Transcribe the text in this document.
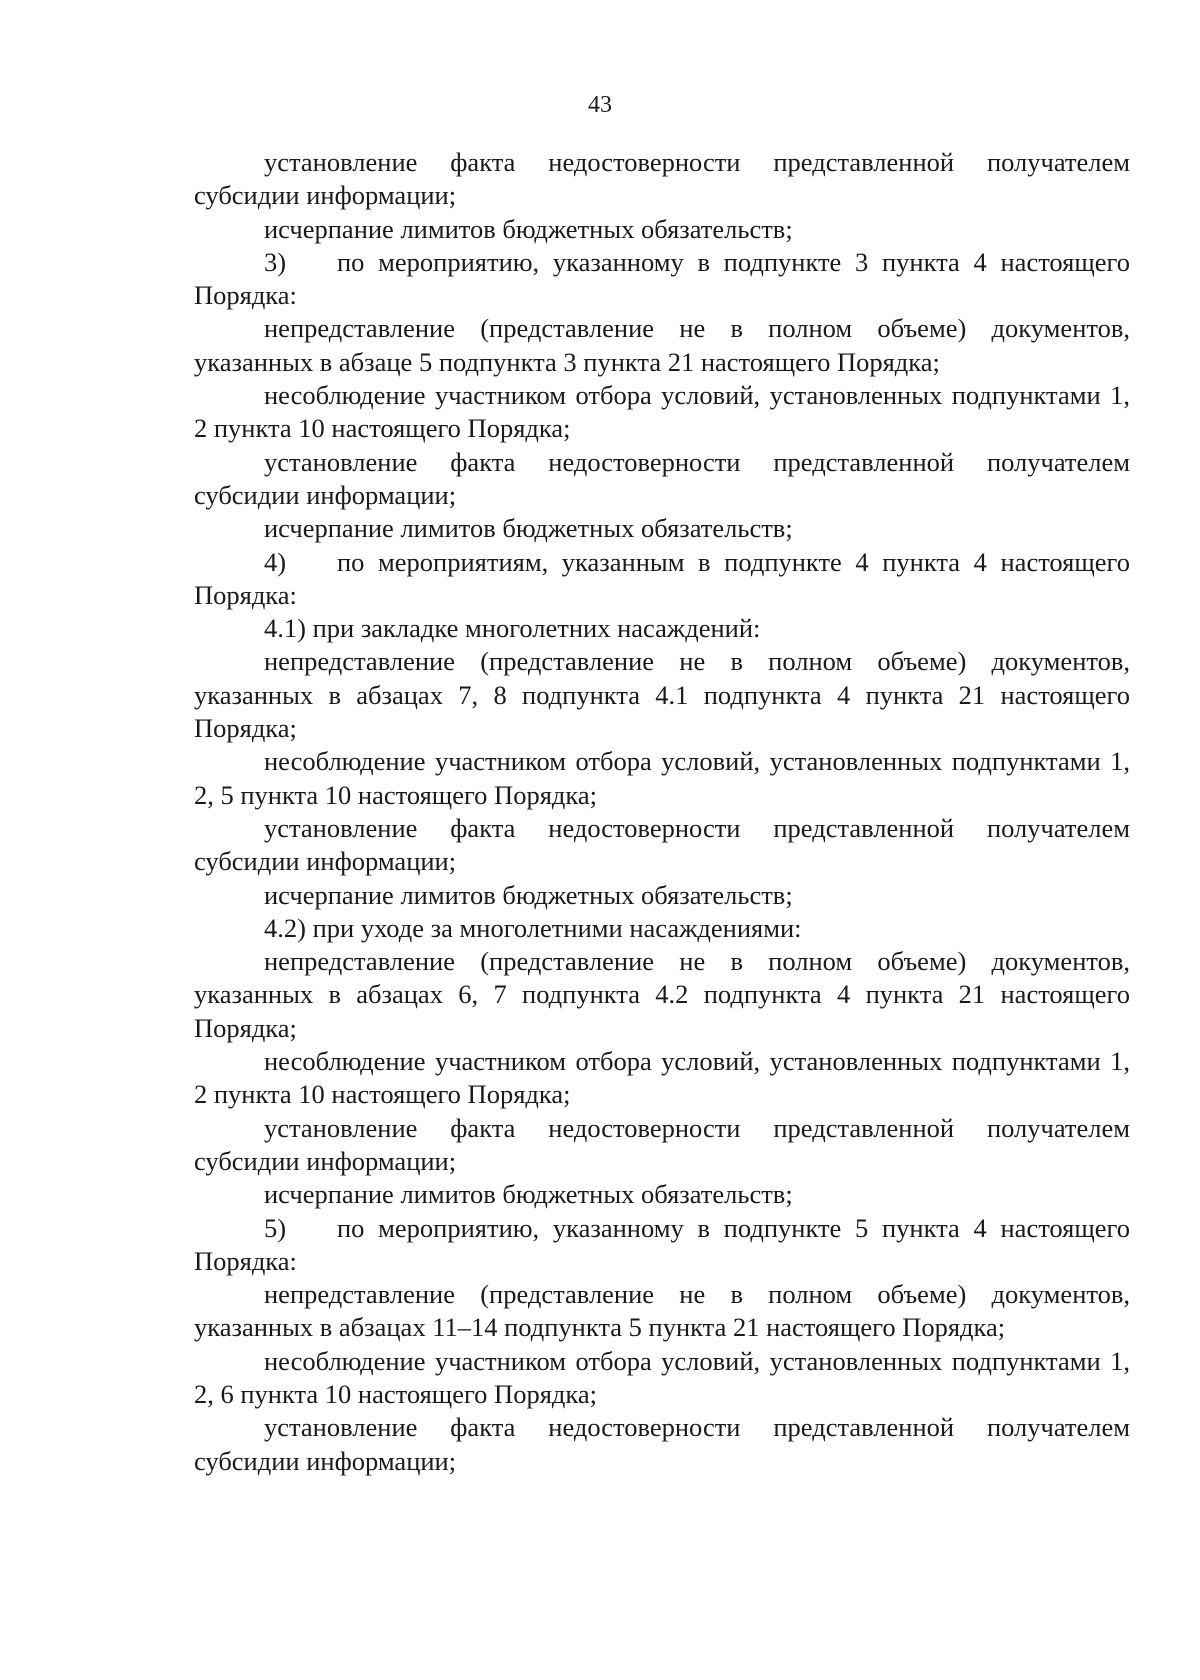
43

установление факта недостоверности представленной получателем субсидии информации;

исчерпание лимитов бюджетных обязательств;

3)	по мероприятию, указанному в подпункте 3 пункта 4 настоящего
Порядка:

непредставление (представление не в полном объеме) документов, указанных в абзаце 5 подпункта 3 пункта 21 настоящего Порядка;

несоблюдение участником отбора условий, установленных подпунктами 1, 2 пункта 10 настоящего Порядка;

установление факта недостоверности представленной получателем субсидии информации;

исчерпание лимитов бюджетных обязательств;

4)	по мероприятиям, указанным в подпункте 4 пункта 4 настоящего
Порядка:

4.1) при закладке многолетних насаждений:

непредставление (представление не в полном объеме) документов, указанных в абзацах 7, 8 подпункта 4.1 подпункта 4 пункта 21 настоящего Порядка;

несоблюдение участником отбора условий, установленных подпунктами 1, 2, 5 пункта 10 настоящего Порядка;

установление факта недостоверности представленной получателем субсидии информации;

исчерпание лимитов бюджетных обязательств;

4.2) при уходе за многолетними насаждениями:

непредставление (представление не в полном объеме) документов, указанных в абзацах 6, 7 подпункта 4.2 подпункта 4 пункта 21 настоящего Порядка;

несоблюдение участником отбора условий, установленных подпунктами 1, 2 пункта 10 настоящего Порядка;

установление факта недостоверности представленной получателем субсидии информации;

исчерпание лимитов бюджетных обязательств;

5)	по мероприятию, указанному в подпункте 5 пункта 4 настоящего
Порядка:

непредставление (представление не в полном объеме) документов, указанных в абзацах 11–14 подпункта 5 пункта 21 настоящего Порядка;

несоблюдение участником отбора условий, установленных подпунктами 1, 2, 6 пункта 10 настоящего Порядка;

установление факта недостоверности представленной получателем субсидии информации;
